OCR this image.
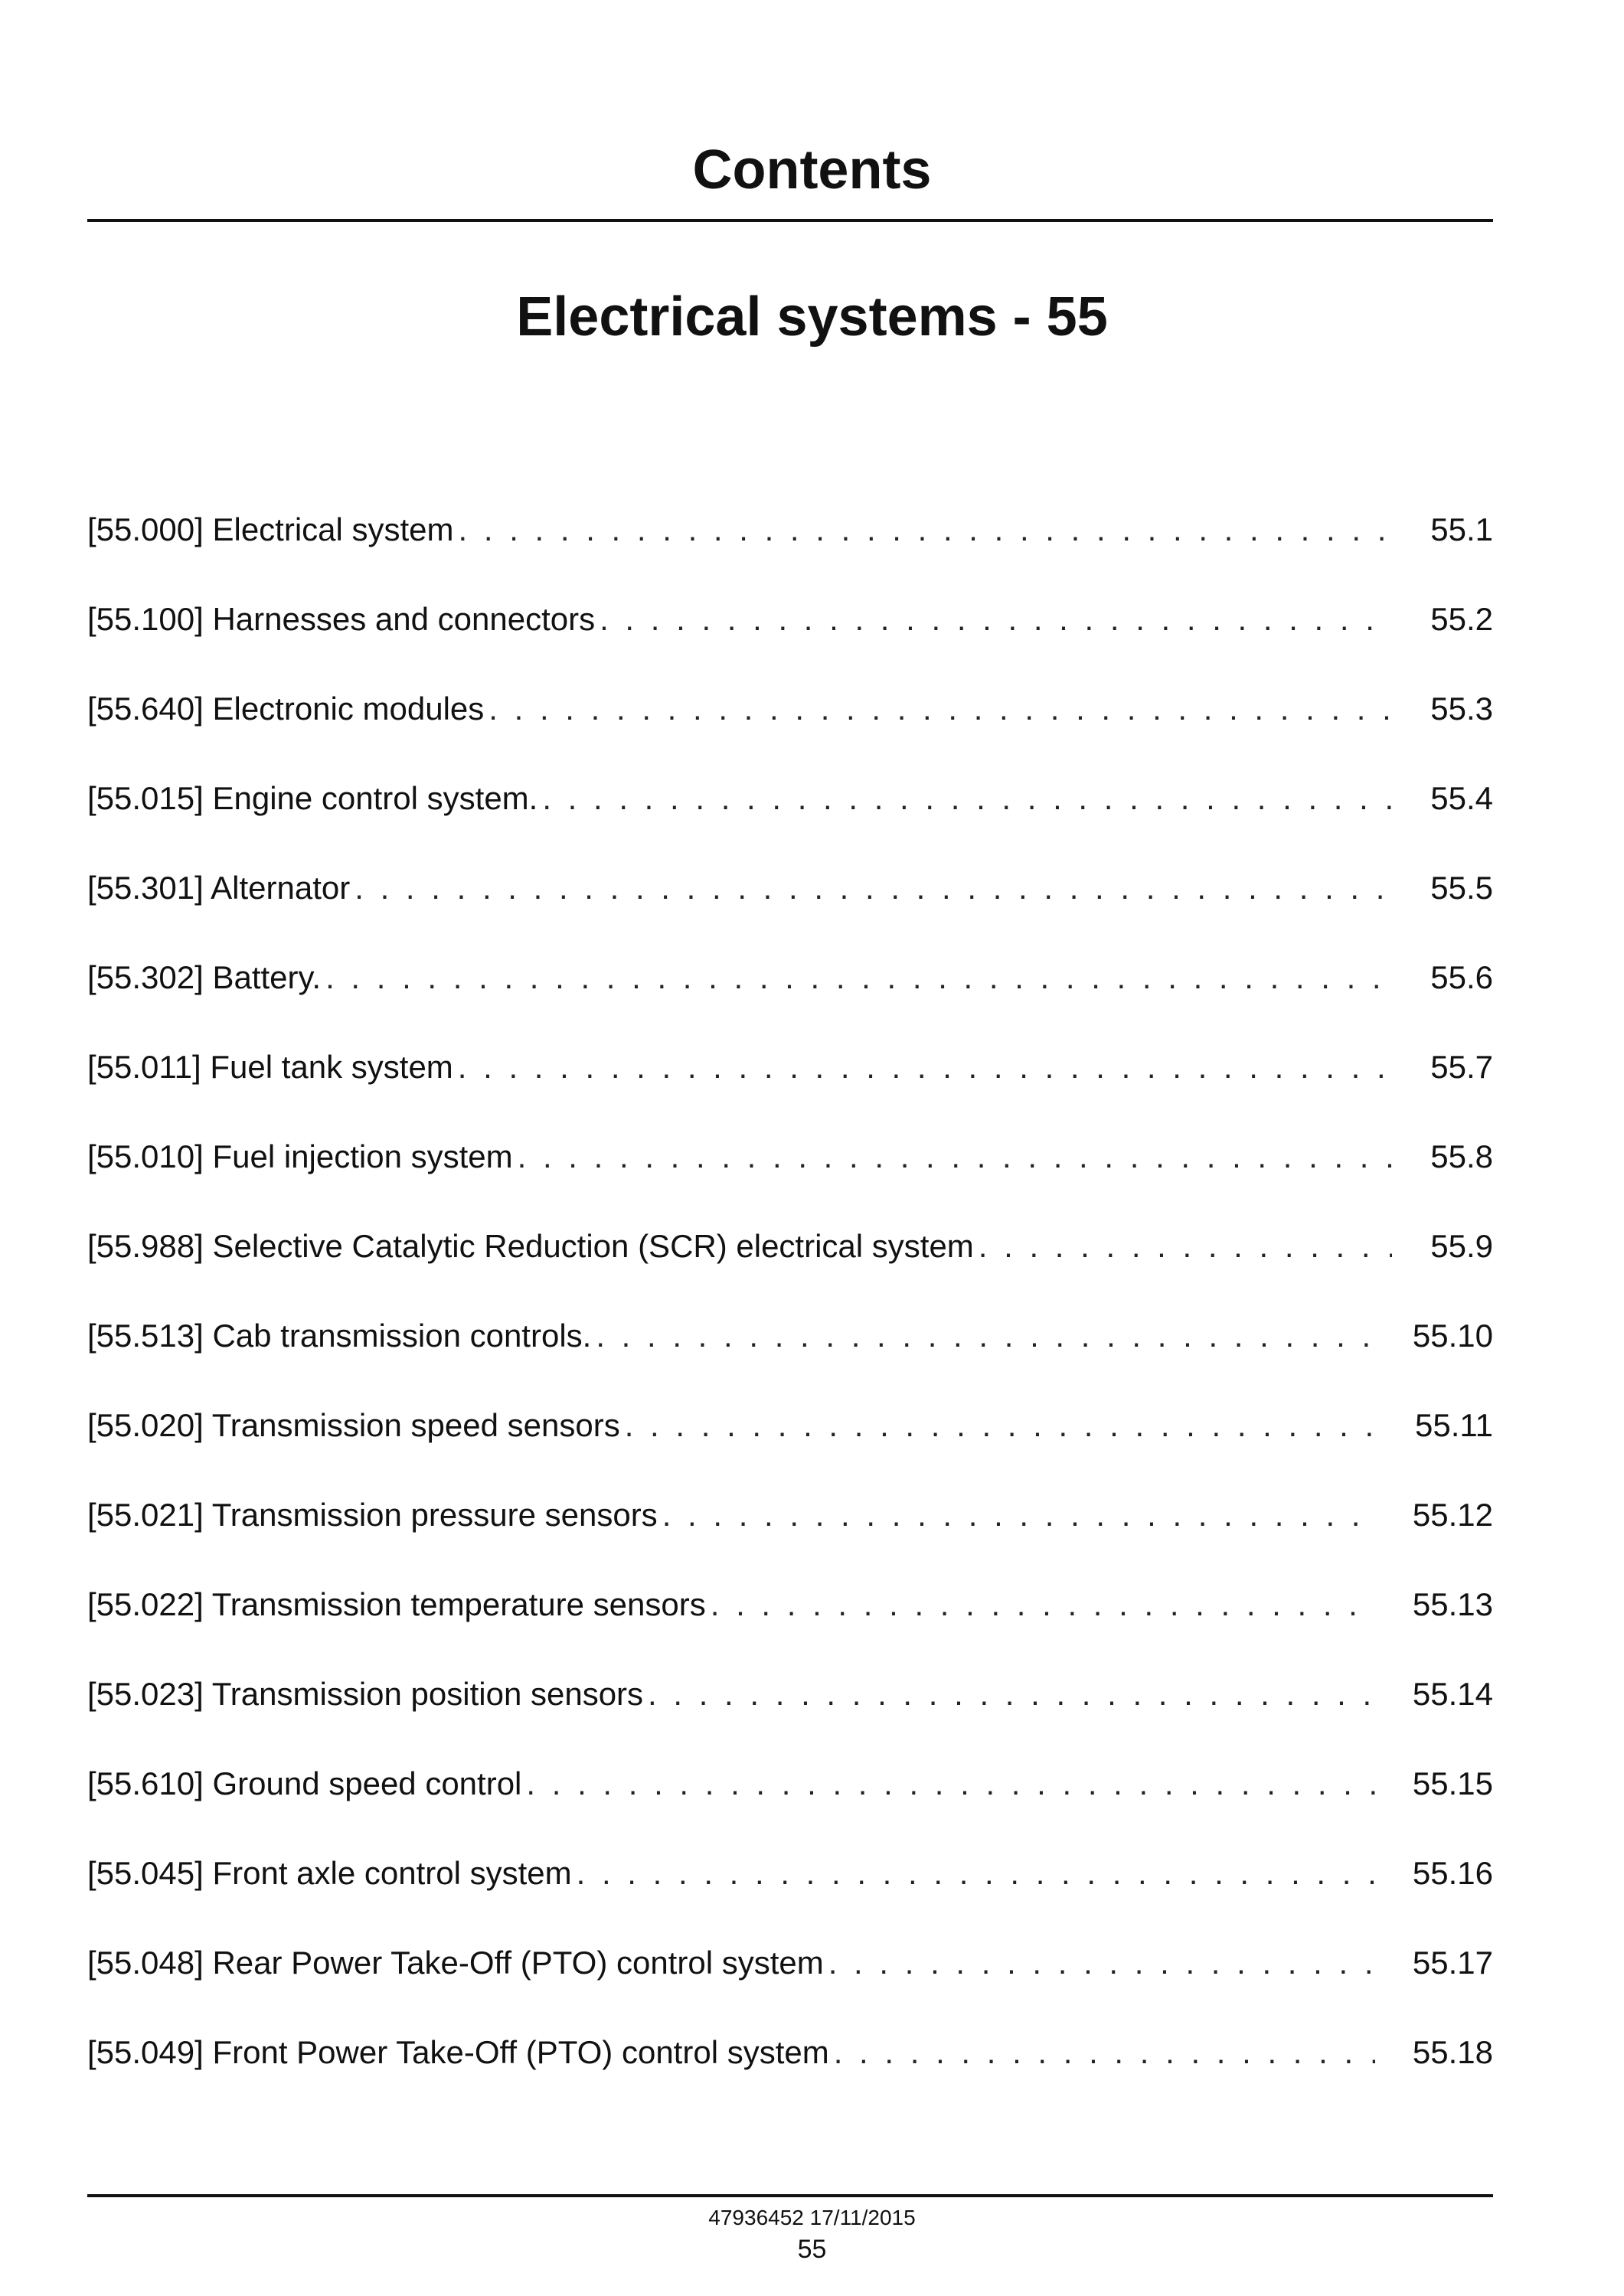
Contents
Electrical systems - 55
[55.000] Electrical system . . .	55.1
[55.100] Harnesses and connectors . . .	55.2
[55.640] Electronic modules . . .	55.3
[55.015] Engine control system. . . .	55.4
[55.301] Alternator . . .	55.5
[55.302] Battery. . . .	55.6
[55.011] Fuel tank system . . .	55.7
[55.010] Fuel injection system . . .	55.8
[55.988] Selective Catalytic Reduction (SCR) electrical system . . .	55.9
[55.513] Cab transmission controls. . . .	55.10
[55.020] Transmission speed sensors . . .	55.11
[55.021] Transmission pressure sensors . . .	55.12
[55.022] Transmission temperature sensors . . .	55.13
[55.023] Transmission position sensors . . .	55.14
[55.610] Ground speed control . . .	55.15
[55.045] Front axle control system . . .	55.16
[55.048] Rear Power Take-Off (PTO) control system . . .	55.17
[55.049] Front Power Take-Off (PTO) control system . . .	55.18

47936452 17/11/2015

55
